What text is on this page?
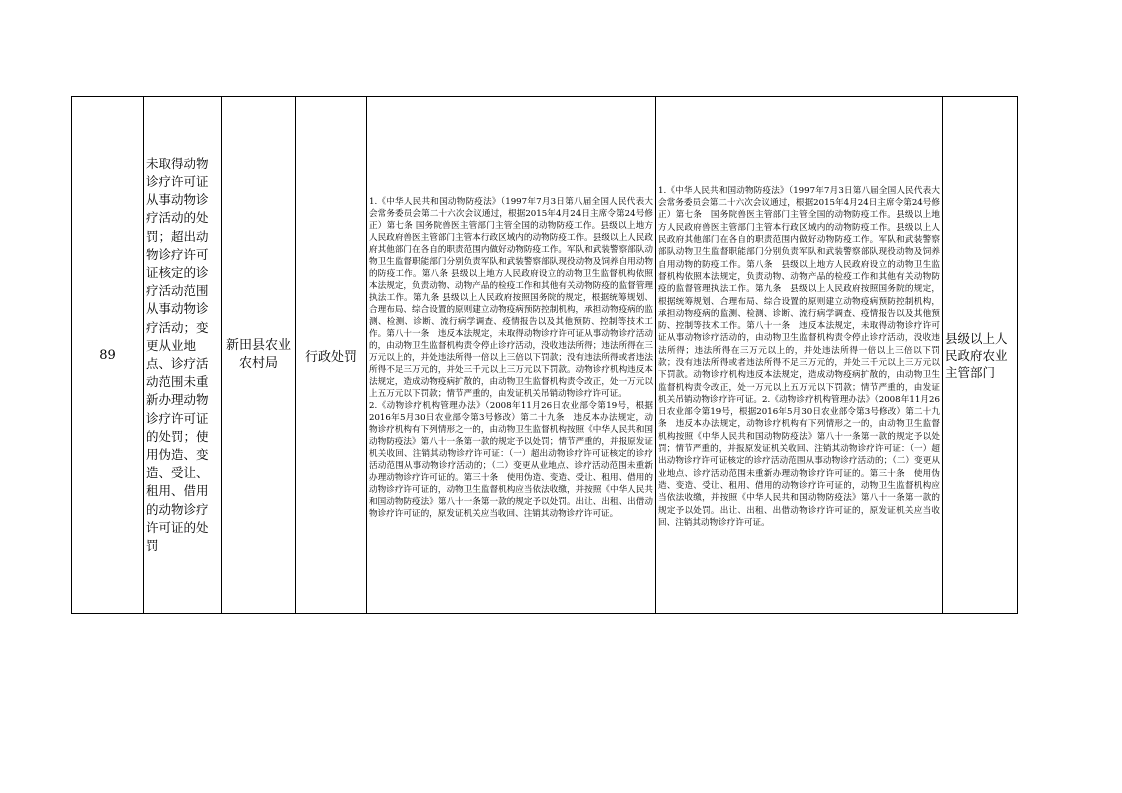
89

未取得动物诊疗许可证从事动物诊疗活动的处罚；超出动物诊疗许可证核定的诊疗活动范围从事动物诊疗活动；变更从业地点、诊疗活动范围未重新办理动物诊疗许可证的处罚；使用伪造、变造、受让、租用、借用的动物诊疗许可证的处罚

新田县农业农村局	行政处罚

1.《中华人民共和国动物防疫法》（1997年7月3日第八届全国人民代表大会常务委员会第二十六次会议通过，根据2015年4月24日主席令第24号修正）第七条 国务院兽医主管部门主管全国的动物防疫工作。县级以上地方人民政府兽医主管部门主管本行政区域内的动物防疫工作。县级以上人民政府其他部门在各自的职责范围内做好动物防疫工作。军队和武装警察部队动物卫生监督职能部门分别负责军队和武装警察部队现役动物及饲养自用动物的防疫工作。第八条 县级以上地方人民政府设立的动物卫生监督机构依照本法规定，负责动物、动物产品的检疫工作和其他有关动物防疫的监督管理执法工作。第九条 县级以上人民政府按照国务院的规定，根据统筹规划、合理布局、综合设置的原则建立动物疫病预防控制机构，承担动物疫病的监测、检测、诊断、流行病学调查、疫情报告以及其他预防、控制等技术工作。第八十一条　违反本法规定，未取得动物诊疗许可证从事动物诊疗活动的，由动物卫生监督机构责令停止诊疗活动，没收违法所得；违法所得在三万元以上的，并处违法所得一倍以上三倍以下罚款；没有违法所得或者违法所得不足三万元的，并处三千元以上三万元以下罚款。动物诊疗机构违反本法规定，造成动物疫病扩散的，由动物卫生监督机构责令改正，处一万元以上五万元以下罚款；情节严重的，由发证机关吊销动物诊疗许可证。
2.《动物诊疗机构管理办法》（2008年11月26日农业部令第19号，根据2016年5月30日农业部令第3号修改）第二十九条　违反本办法规定，动物诊疗机构有下列情形之一的，由动物卫生监督机构按照《中华人民共和国动物防疫法》第八十一条第一款的规定予以处罚；情节严重的，并报原发证机关收回、注销其动物诊疗许可证：（一）超出动物诊疗许可证核定的诊疗活动范围从事动物诊疗活动的；（二）变更从业地点、诊疗活动范围未重新办理动物诊疗许可证的。第三十条　使用伪造、变造、受让、租用、借用的动物诊疗许可证的，动物卫生监督机构应当依法收缴，并按照《中华人民共和国动物防疫法》第八十一条第一款的规定予以处罚。出让、出租、出借动物诊疗许可证的，原发证机关应当收回、注销其动物诊疗许可证。

1.《中华人民共和国动物防疫法》（1997年7月3日第八届全国人民代表大会常务委员会第二十六次会议通过，根据2015年4月24日主席令第24号修正）第七条　国务院兽医主管部门主管全国的动物防疫工作。县级以上地方人民政府兽医主管部门主管本行政区域内的动物防疫工作。县级以上人民政府其他部门在各自的职责范围内做好动物防疫工作。军队和武装警察部队动物卫生监督职能部门分别负责军队和武装警察部队现役动物及饲养自用动物的防疫工作。第八条　县级以上地方人民政府设立的动物卫生监督机构依照本法规定，负责动物、动物产品的检疫工作和其他有关动物防疫的监督管理执法工作。第九条　县级以上人民政府按照国务院的规定，根据统筹规划、合理布局、综合设置的原则建立动物疫病预防控制机构，承担动物疫病的监测、检测、诊断、流行病学调查、疫情报告以及其他预防、控制等技术工作。第八十一条　违反本法规定，未取得动物诊疗许可证从事动物诊疗活动的，由动物卫生监督机构责令停止诊疗活动，没收违法所得；违法所得在三万元以上的，并处违法所得一倍以上三倍以下罚款；没有违法所得或者违法所得不足三万元的，并处三千元以上三万元以下罚款。动物诊疗机构违反本法规定，造成动物疫病扩散的，由动物卫生监督机构责令改正，处一万元以上五万元以下罚款；情节严重的，由发证机关吊销动物诊疗许可证。2.《动物诊疗机构管理办法》（2008年11月26日农业部令第19号，根据2016年5月30日农业部令第3号修改）第二十九条　违反本办法规定，动物诊疗机构有下列情形之一的，由动物卫生监督机构按照《中华人民共和国动物防疫法》第八十一条第一款的规定予以处罚；情节严重的，并报原发证机关收回、注销其动物诊疗许可证：（一）超出动物诊疗许可证核定的诊疗活动范围从事动物诊疗活动的；（二）变更从业地点、诊疗活动范围未重新办理动物诊疗许可证的。第三十条　使用伪造、变造、受让、租用、借用的动物诊疗许可证的，动物卫生监督机构应当依法收缴，并按照《中华人民共和国动物防疫法》第八十一条第一款的规定予以处罚。出让、出租、出借动物诊疗许可证的，原发证机关应当收回、注销其动物诊疗许可证。

县级以上人民政府农业主管部门
